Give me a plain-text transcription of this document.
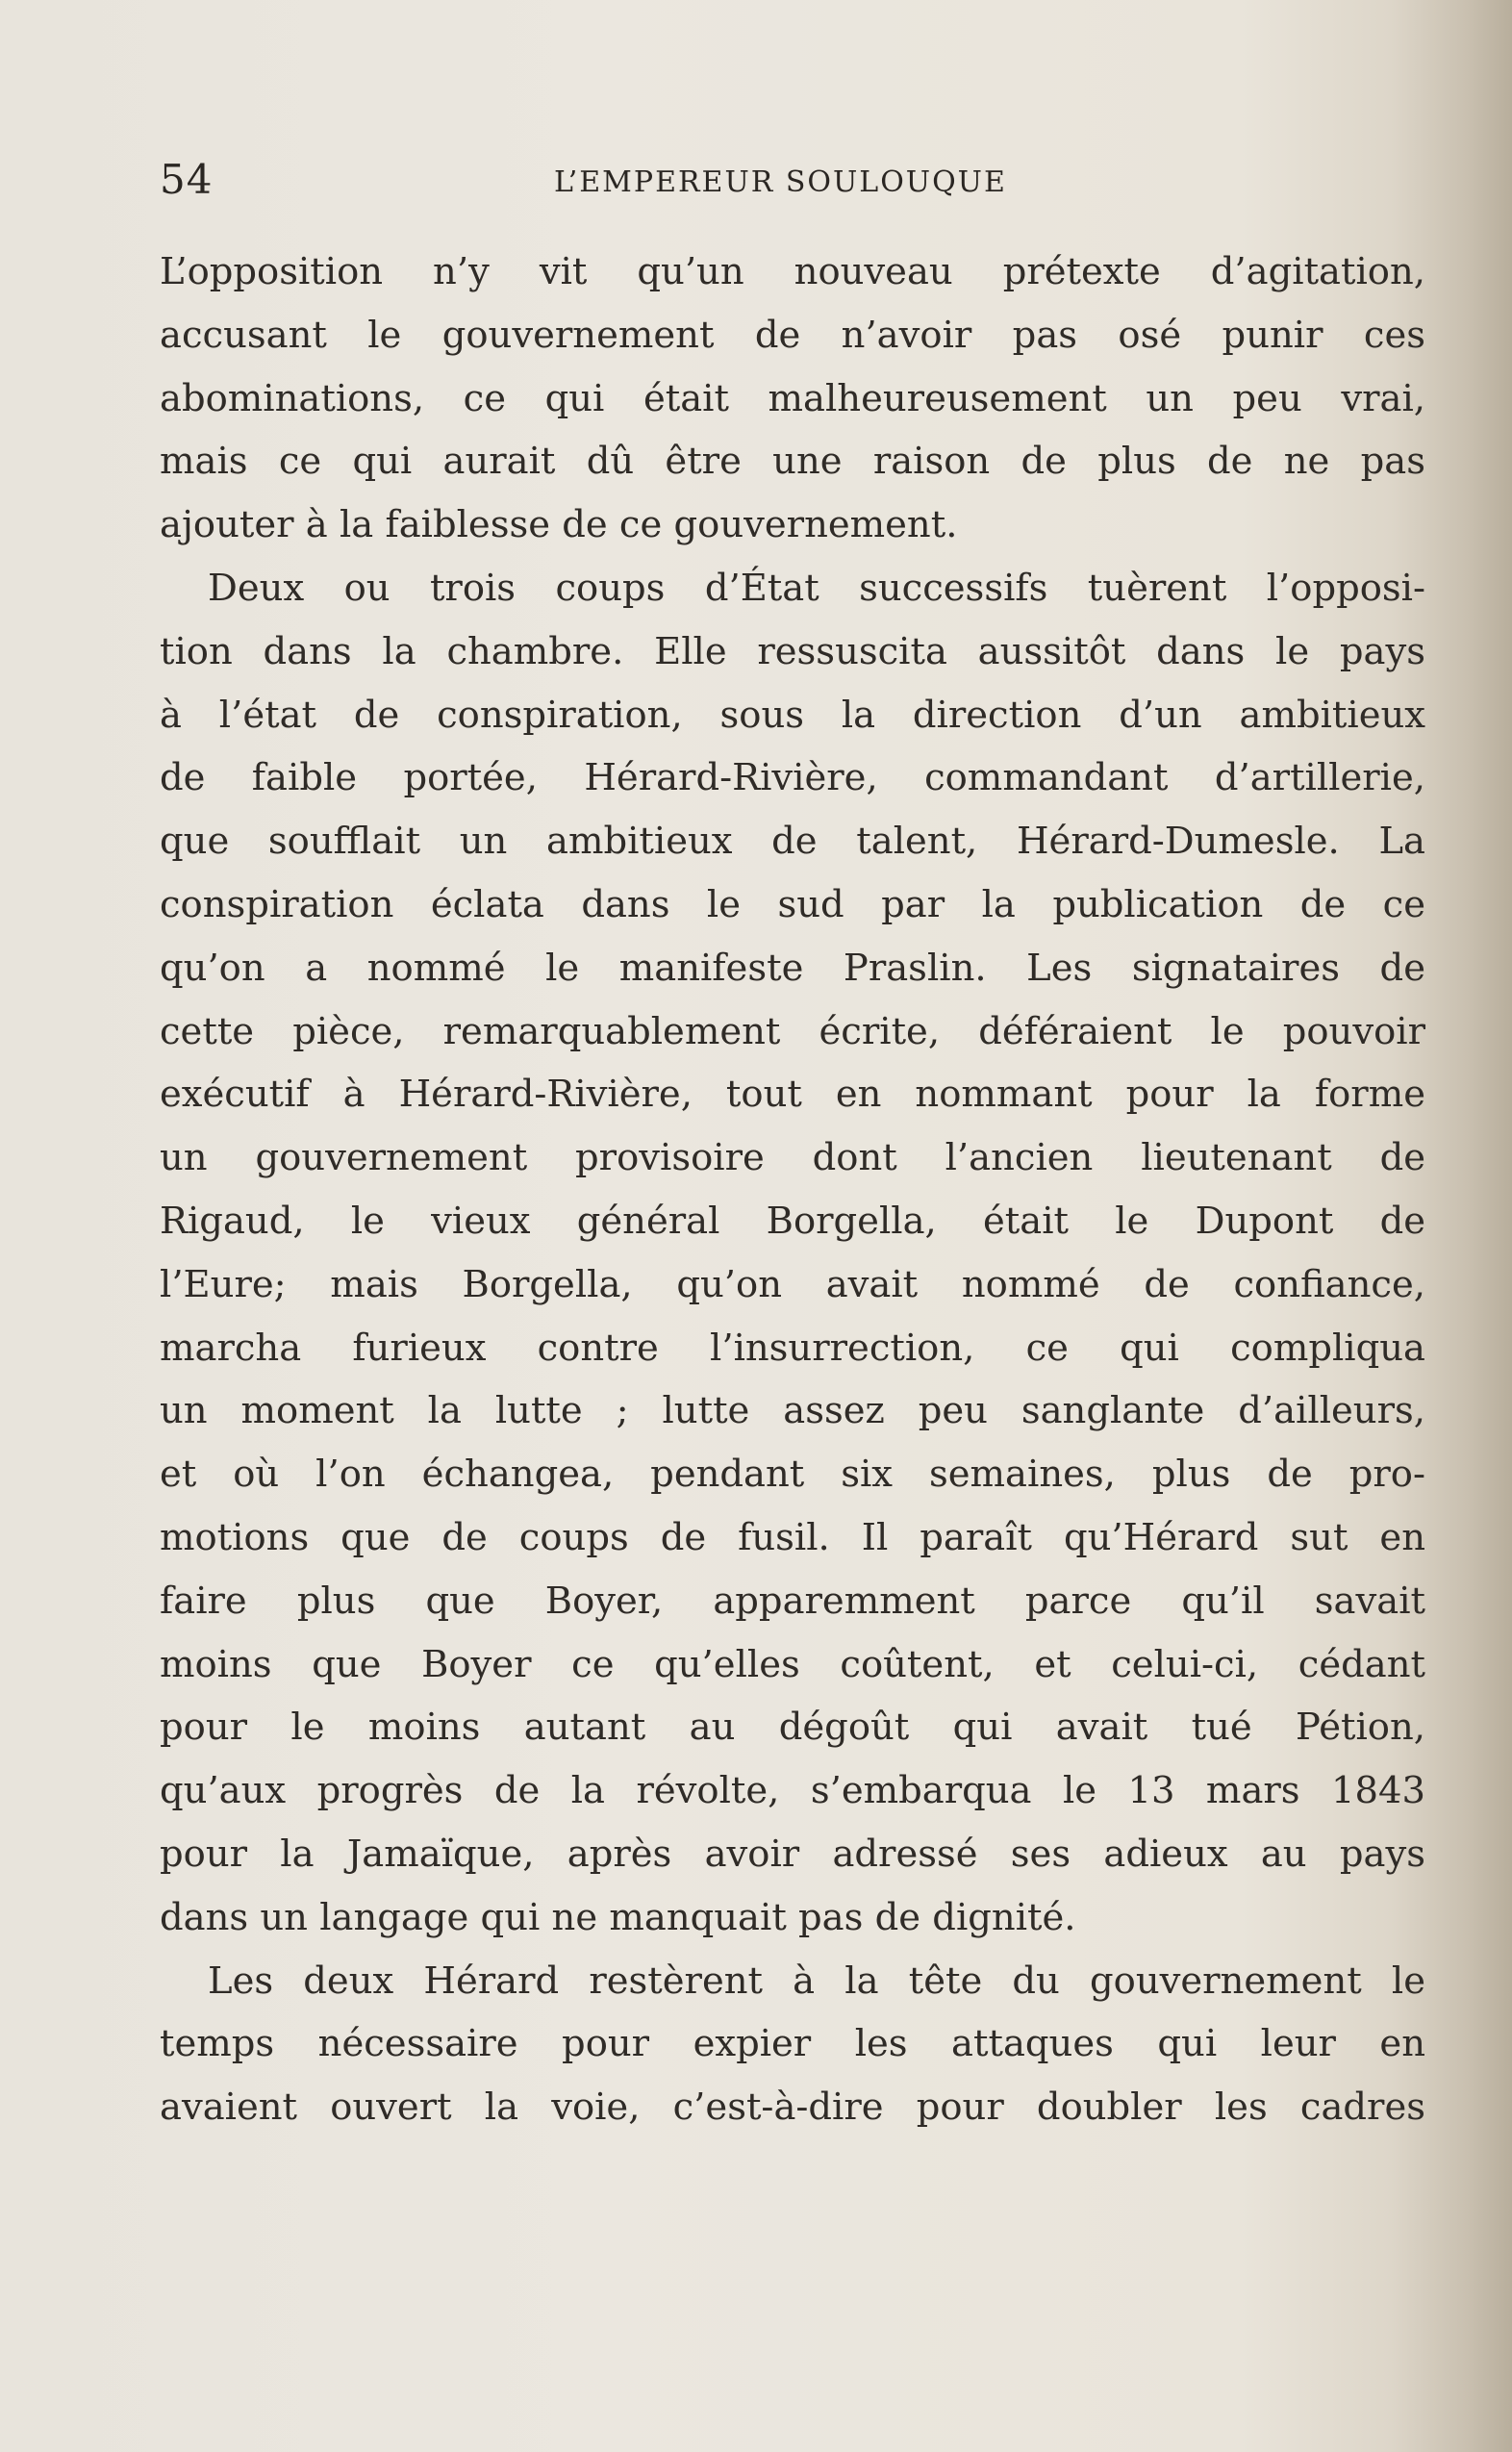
54	L’EMPEREUR SOULOUQUE
L’opposition n’y vit qu’un nouveau prétexte d’agitation,
accusant le gouvernement de n’avoir pas osé punir ces
abominations, ce qui était malheureusement un peu vrai,
mais ce qui aurait dû être une raison de plus de ne pas
ajouter à la faiblesse de ce gouvernement.
Deux ou trois coups d’État successifs tuèrent l’opposi-
tion dans la chambre. Elle ressuscita aussitôt dans le pays
à l’état de conspiration, sous la direction d’un ambitieux
de faible portée, Hérard-Rivière, commandant d’artillerie,
que soufflait un ambitieux de talent, Hérard-Dumesle. La
conspiration éclata dans le sud par la publication de ce
qu’on a nommé le manifeste Praslin. Les signataires de
cette pièce, remarquablement écrite, déféraient le pouvoir
exécutif à Hérard-Rivière, tout en nommant pour la forme
un gouvernement provisoire dont l’ancien lieutenant de
Rigaud, le vieux général Borgella, était le Dupont de
l’Eure; mais Borgella, qu’on avait nommé de confiance,
marcha furieux contre l’insurrection, ce qui compliqua
un moment la lutte ; lutte assez peu sanglante d’ailleurs,
et où l’on échangea, pendant six semaines, plus de pro-
motions que de coups de fusil. Il paraît qu’Hérard sut en
faire plus que Boyer, apparemment parce qu’il savait
moins que Boyer ce qu’elles coûtent, et celui-ci, cédant
pour le moins autant au dégoût qui avait tué Pétion,
qu’aux progrès de la révolte, s’embarqua le 13 mars 1843
pour la Jamaïque, après avoir adressé ses adieux au pays
dans un langage qui ne manquait pas de dignité.
Les deux Hérard restèrent à la tête du gouvernement le
temps nécessaire pour expier les attaques qui leur en
avaient ouvert la voie, c’est-à-dire pour doubler les cadres
